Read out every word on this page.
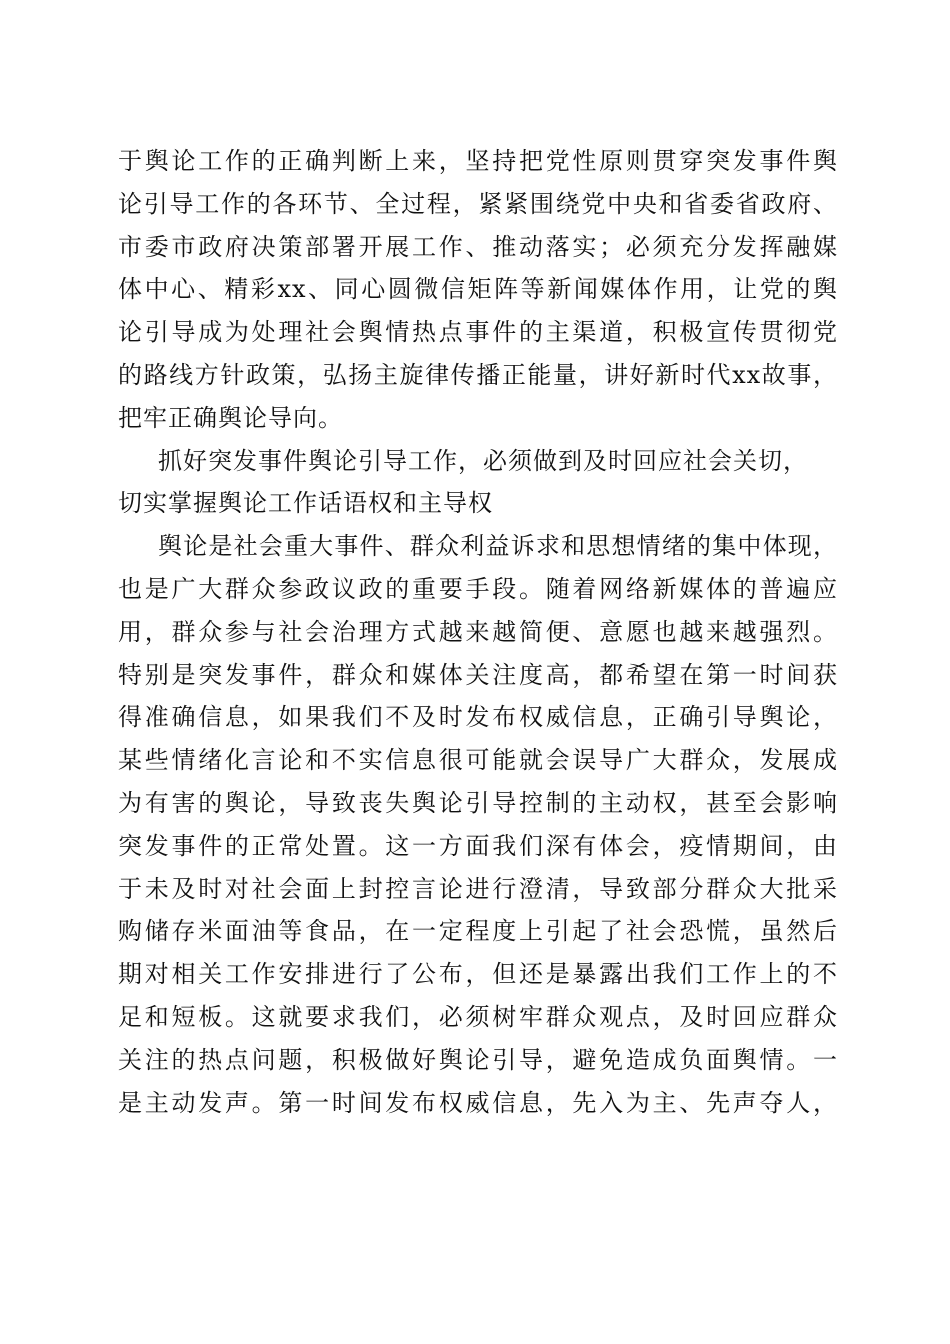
于舆论工作的正确判断上来，坚持把党性原则贯穿突发事件舆
论引导工作的各环节、全过程，紧紧围绕党中央和省委省政府、
市委市政府决策部署开展工作、推动落实；必须充分发挥融媒
体中心、精彩xx、同心圆微信矩阵等新闻媒体作用，让党的舆
论引导成为处理社会舆情热点事件的主渠道，积极宣传贯彻党
的路线方针政策，弘扬主旋律传播正能量，讲好新时代xx故事，
把牢正确舆论导向。
抓好突发事件舆论引导工作，必须做到及时回应社会关切，
切实掌握舆论工作话语权和主导权
舆论是社会重大事件、群众利益诉求和思想情绪的集中体现，
也是广大群众参政议政的重要手段。随着网络新媒体的普遍应
用，群众参与社会治理方式越来越简便、意愿也越来越强烈。
特别是突发事件，群众和媒体关注度高，都希望在第一时间获
得准确信息，如果我们不及时发布权威信息，正确引导舆论，
某些情绪化言论和不实信息很可能就会误导广大群众，发展成
为有害的舆论，导致丧失舆论引导控制的主动权，甚至会影响
突发事件的正常处置。这一方面我们深有体会，疫情期间，由
于未及时对社会面上封控言论进行澄清，导致部分群众大批采
购储存米面油等食品，在一定程度上引起了社会恐慌，虽然后
期对相关工作安排进行了公布，但还是暴露出我们工作上的不
足和短板。这就要求我们，必须树牢群众观点，及时回应群众
关注的热点问题，积极做好舆论引导，避免造成负面舆情。一
是主动发声。第一时间发布权威信息，先入为主、先声夺人，
